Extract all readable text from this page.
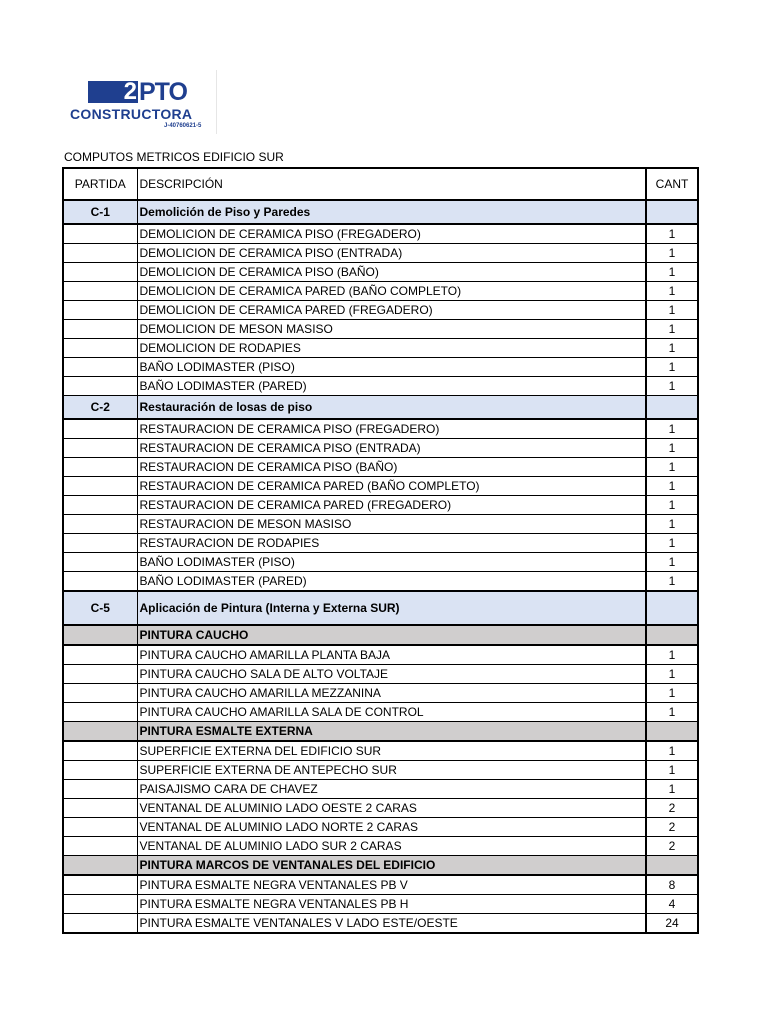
2 PTO
CONSTRUCTORA
J-40760621-5
COMPUTOS METRICOS EDIFICIO SUR
PARTIDA	DESCRIPCIÓN	CANT
C-1	Demolición de Piso y Paredes	
	DEMOLICION DE CERAMICA PISO (FREGADERO)	1
	DEMOLICION DE CERAMICA PISO (ENTRADA)	1
	DEMOLICION DE CERAMICA PISO (BAÑO)	1
	DEMOLICION DE CERAMICA PARED (BAÑO COMPLETO)	1
	DEMOLICION DE CERAMICA PARED (FREGADERO)	1
	DEMOLICION DE MESON MASISO	1
	DEMOLICION DE RODAPIES	1
	BAÑO LODIMASTER (PISO)	1
	BAÑO LODIMASTER (PARED)	1
C-2	Restauración de losas de piso	
	RESTAURACION DE CERAMICA PISO (FREGADERO)	1
	RESTAURACION DE CERAMICA PISO (ENTRADA)	1
	RESTAURACION DE CERAMICA PISO (BAÑO)	1
	RESTAURACION DE CERAMICA PARED (BAÑO COMPLETO)	1
	RESTAURACION DE CERAMICA PARED (FREGADERO)	1
	RESTAURACION DE MESON MASISO	1
	RESTAURACION DE RODAPIES	1
	BAÑO LODIMASTER (PISO)	1
	BAÑO LODIMASTER (PARED)	1
C-5	Aplicación de Pintura (Interna y Externa SUR)	
	PINTURA CAUCHO	
	PINTURA CAUCHO AMARILLA PLANTA BAJA	1
	PINTURA CAUCHO SALA DE ALTO VOLTAJE	1
	PINTURA CAUCHO AMARILLA MEZZANINA	1
	PINTURA CAUCHO AMARILLA SALA DE CONTROL	1
	PINTURA ESMALTE EXTERNA	
	SUPERFICIE EXTERNA DEL EDIFICIO SUR	1
	SUPERFICIE EXTERNA DE ANTEPECHO SUR	1
	PAISAJISMO CARA DE CHAVEZ	1
	VENTANAL DE ALUMINIO LADO OESTE 2 CARAS	2
	VENTANAL DE ALUMINIO LADO NORTE 2 CARAS	2
	VENTANAL DE ALUMINIO LADO SUR 2 CARAS	2
	PINTURA MARCOS DE VENTANALES DEL EDIFICIO	
	PINTURA ESMALTE NEGRA VENTANALES PB V	8
	PINTURA ESMALTE NEGRA VENTANALES PB H	4
	PINTURA ESMALTE VENTANALES V LADO ESTE/OESTE	24
